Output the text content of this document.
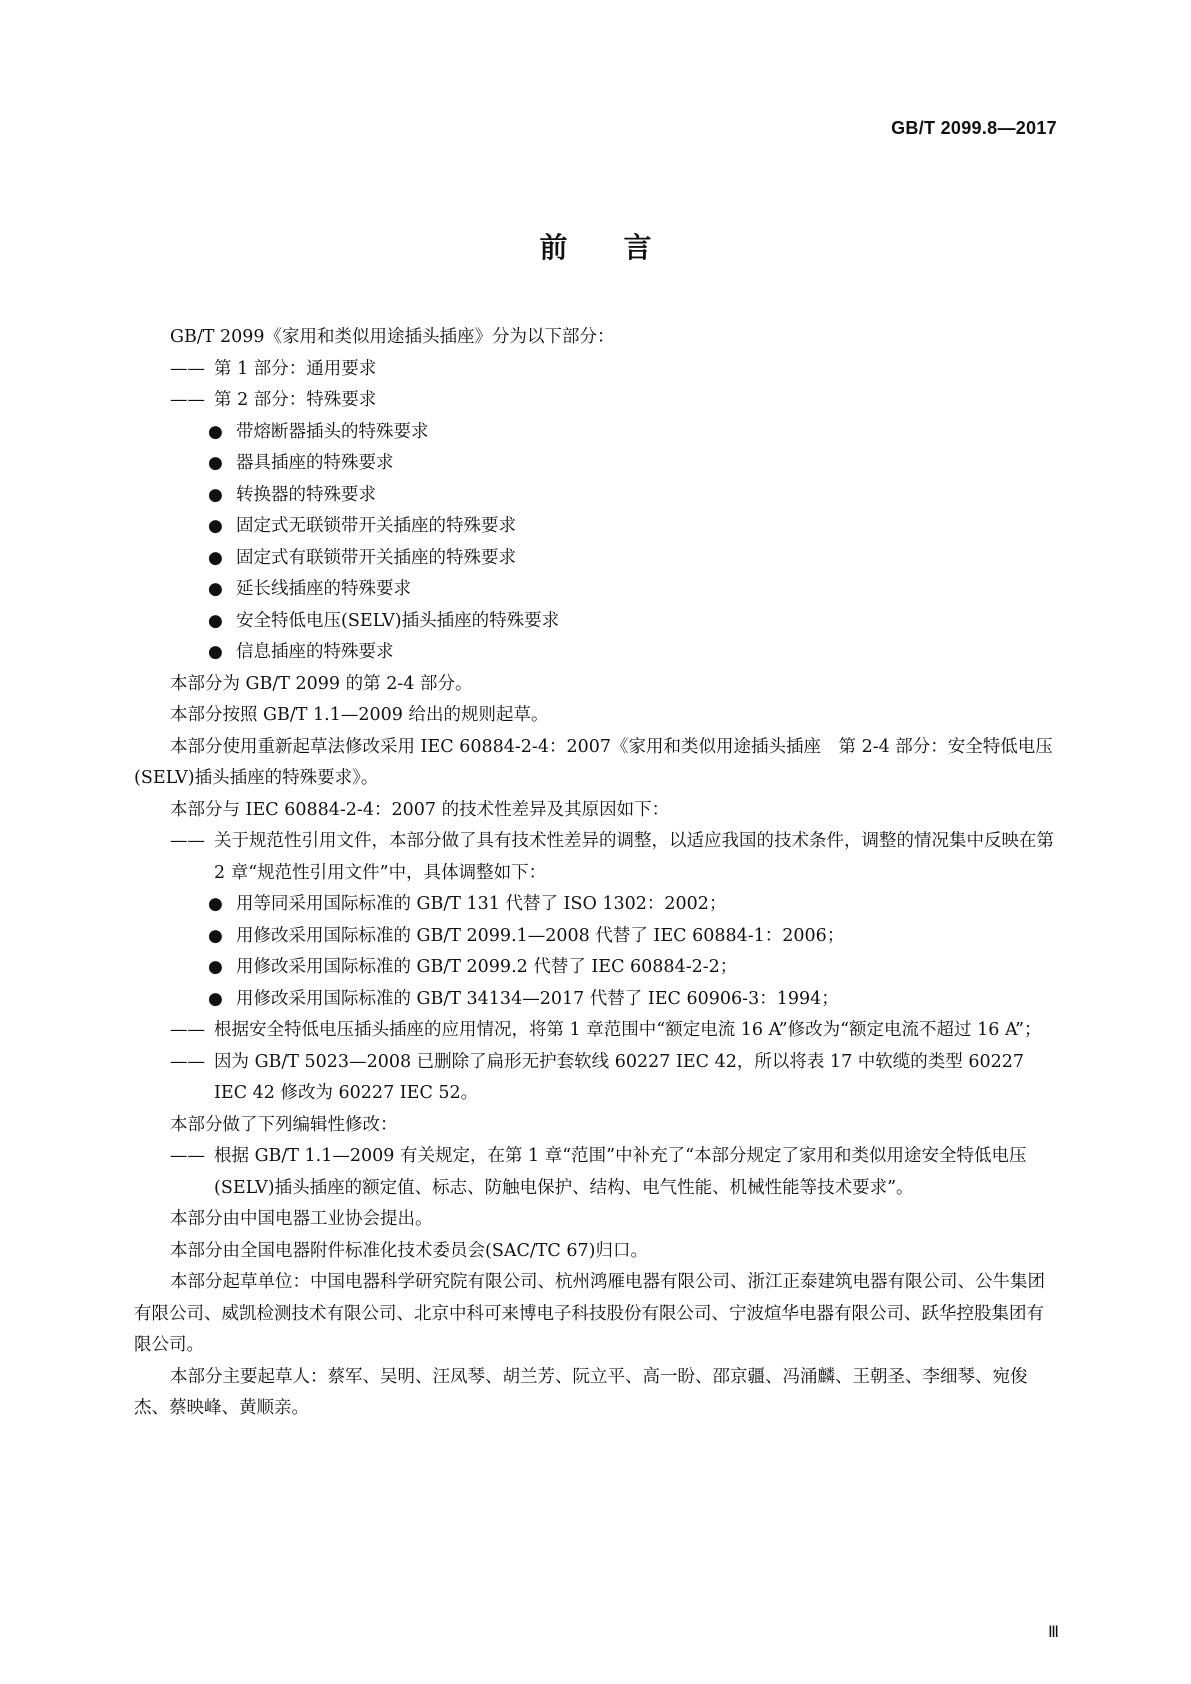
GB/T 2099.8—2017
前 言
GB/T 2099《家用和类似用途插头插座》分为以下部分：
—— 第 1 部分：通用要求
—— 第 2 部分：特殊要求
● 带熔断器插头的特殊要求
● 器具插座的特殊要求
● 转换器的特殊要求
● 固定式无联锁带开关插座的特殊要求
● 固定式有联锁带开关插座的特殊要求
● 延长线插座的特殊要求
● 安全特低电压(SELV)插头插座的特殊要求
● 信息插座的特殊要求
本部分为 GB/T 2099 的第 2-4 部分。
本部分按照 GB/T 1.1—2009 给出的规则起草。
本部分使用重新起草法修改采用 IEC 60884-2-4：2007《家用和类似用途插头插座　第 2-4 部分：安全特低电压(SELV)插头插座的特殊要求》。
本部分与 IEC 60884-2-4：2007 的技术性差异及其原因如下：
—— 关于规范性引用文件，本部分做了具有技术性差异的调整，以适应我国的技术条件，调整的情况集中反映在第 2 章“规范性引用文件”中，具体调整如下：
● 用等同采用国际标准的 GB/T 131 代替了 ISO 1302：2002；
● 用修改采用国际标准的 GB/T 2099.1—2008 代替了 IEC 60884-1：2006；
● 用修改采用国际标准的 GB/T 2099.2 代替了 IEC 60884-2-2；
● 用修改采用国际标准的 GB/T 34134—2017 代替了 IEC 60906-3：1994；
—— 根据安全特低电压插头插座的应用情况，将第 1 章范围中“额定电流 16 A”修改为“额定电流不超过 16 A”；
—— 因为 GB/T 5023—2008 已删除了扁形无护套软线 60227 IEC 42，所以将表 17 中软缆的类型 60227 IEC 42 修改为 60227 IEC 52。
本部分做了下列编辑性修改：
—— 根据 GB/T 1.1—2009 有关规定，在第 1 章“范围”中补充了“本部分规定了家用和类似用途安全特低电压(SELV)插头插座的额定值、标志、防触电保护、结构、电气性能、机械性能等技术要求”。
本部分由中国电器工业协会提出。
本部分由全国电器附件标准化技术委员会(SAC/TC 67)归口。
本部分起草单位：中国电器科学研究院有限公司、杭州鸿雁电器有限公司、浙江正泰建筑电器有限公司、公牛集团有限公司、威凯检测技术有限公司、北京中科可来博电子科技股份有限公司、宁波煊华电器有限公司、跃华控股集团有限公司。
本部分主要起草人：蔡军、吴明、汪凤琴、胡兰芳、阮立平、高一盼、邵京疆、冯涌麟、王朝圣、李细琴、宛俊杰、蔡映峰、黄顺亲。
Ⅲ
